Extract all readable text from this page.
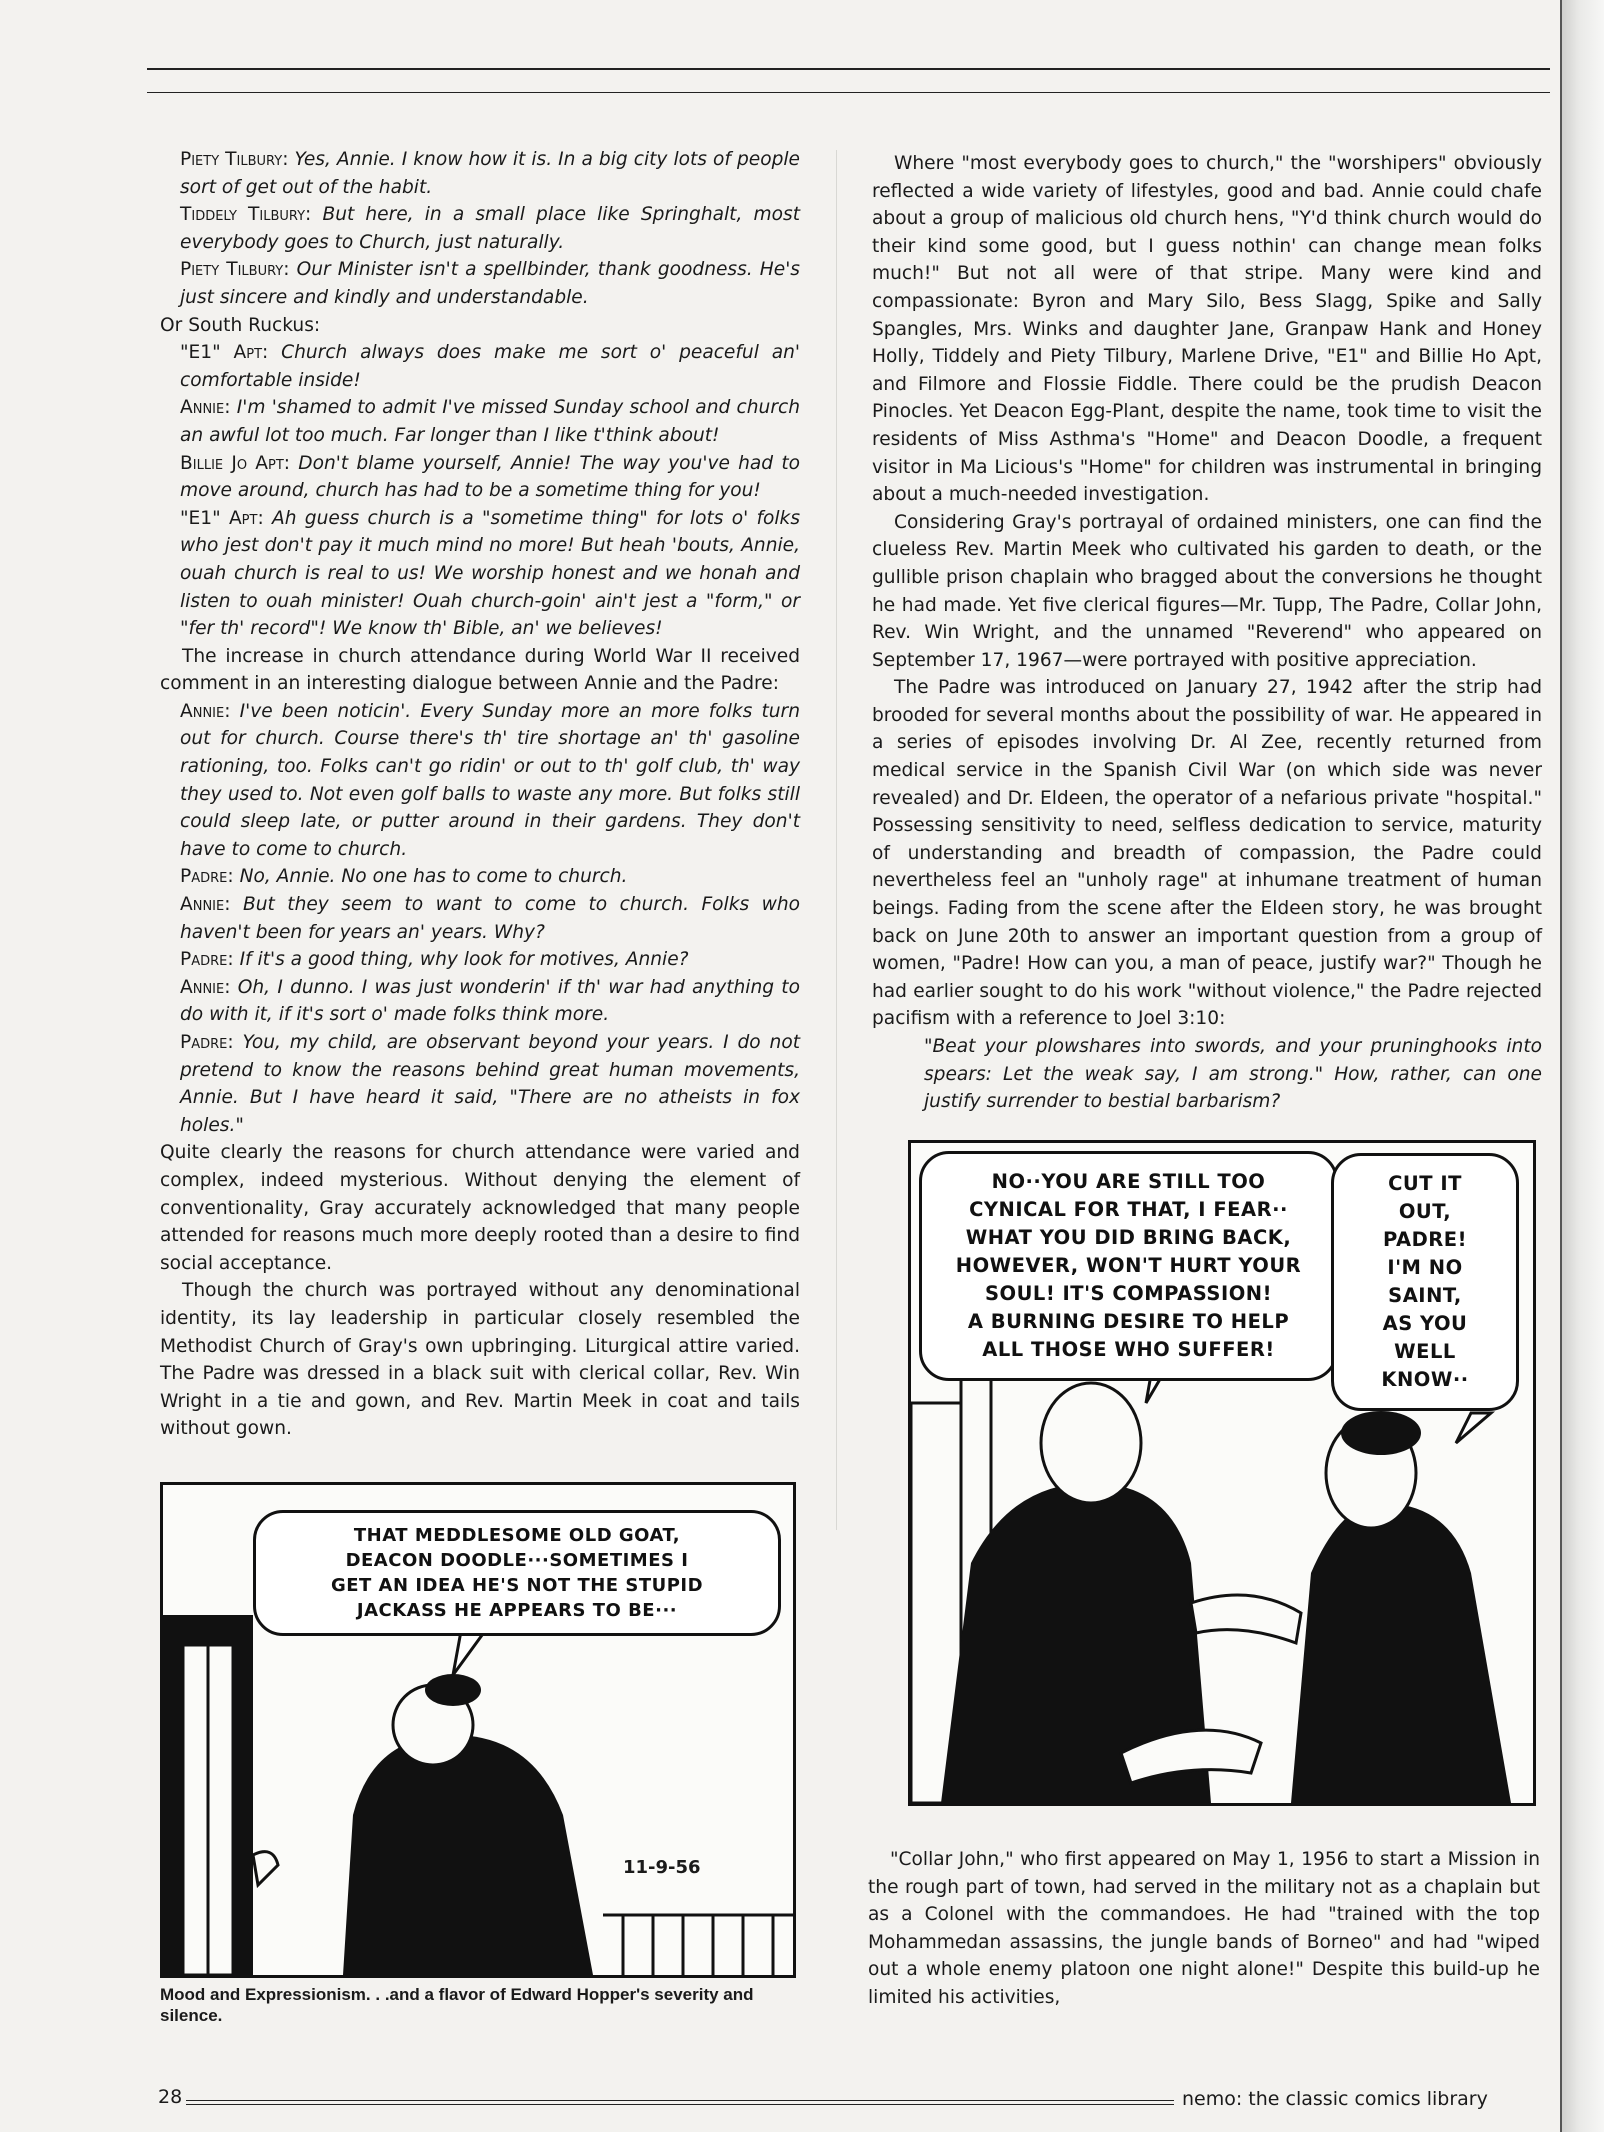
Piety Tilbury: Yes, Annie. I know how it is. In a big city lots of people sort of get out of the habit.

Tiddely Tilbury: But here, in a small place like Springhalt, most everybody goes to Church, just naturally.

Piety Tilbury: Our Minister isn't a spellbinder, thank goodness. He's just sincere and kindly and understandable.

Or South Ruckus:

"E1" Apt: Church always does make me sort o' peaceful an' comfortable inside!

Annie: I'm 'shamed to admit I've missed Sunday school and church an awful lot too much. Far longer than I like t'think about!

Billie Jo Apt: Don't blame yourself, Annie! The way you've had to move around, church has had to be a sometime thing for you!

"E1" Apt: Ah guess church is a "sometime thing" for lots o' folks who jest don't pay it much mind no more! But heah 'bouts, Annie, ouah church is real to us! We worship honest and we honah and listen to ouah minister! Ouah church-goin' ain't jest a "form," or "fer th' record"! We know th' Bible, an' we believes!

The increase in church attendance during World War II received comment in an interesting dialogue between Annie and the Padre:

Annie: I've been noticin'. Every Sunday more an more folks turn out for church. Course there's th' tire shortage an' th' gasoline rationing, too. Folks can't go ridin' or out to th' golf club, th' way they used to. Not even golf balls to waste any more. But folks still could sleep late, or putter around in their gardens. They don't have to come to church.

Padre: No, Annie. No one has to come to church.

Annie: But they seem to want to come to church. Folks who haven't been for years an' years. Why?

Padre: If it's a good thing, why look for motives, Annie?

Annie: Oh, I dunno. I was just wonderin' if th' war had anything to do with it, if it's sort o' made folks think more.

Padre: You, my child, are observant beyond your years. I do not pretend to know the reasons behind great human movements, Annie. But I have heard it said, "There are no atheists in fox holes."

Quite clearly the reasons for church attendance were varied and complex, indeed mysterious. Without denying the element of conventionality, Gray accurately acknowledged that many people attended for reasons much more deeply rooted than a desire to find social acceptance.

Though the church was portrayed without any denominational identity, its lay leadership in particular closely resembled the Methodist Church of Gray's own upbringing. Liturgical attire varied. The Padre was dressed in a black suit with clerical collar, Rev. Win Wright in a tie and gown, and Rev. Martin Meek in coat and tails without gown.

Where "most everybody goes to church," the "worshipers" obviously reflected a wide variety of lifestyles, good and bad. Annie could chafe about a group of malicious old church hens, "Y'd think church would do their kind some good, but I guess nothin' can change mean folks much!" But not all were of that stripe. Many were kind and compassionate: Byron and Mary Silo, Bess Slagg, Spike and Sally Spangles, Mrs. Winks and daughter Jane, Granpaw Hank and Honey Holly, Tiddely and Piety Tilbury, Marlene Drive, "E1" and Billie Ho Apt, and Filmore and Flossie Fiddle. There could be the prudish Deacon Pinocles. Yet Deacon Egg-Plant, despite the name, took time to visit the residents of Miss Asthma's "Home" and Deacon Doodle, a frequent visitor in Ma Licious's "Home" for children was instrumental in bringing about a much-needed investigation.

Considering Gray's portrayal of ordained ministers, one can find the clueless Rev. Martin Meek who cultivated his garden to death, or the gullible prison chaplain who bragged about the conversions he thought he had made. Yet five clerical figures—Mr. Tupp, The Padre, Collar John, Rev. Win Wright, and the unnamed "Reverend" who appeared on September 17, 1967—were portrayed with positive appreciation.

The Padre was introduced on January 27, 1942 after the strip had brooded for several months about the possibility of war. He appeared in a series of episodes involving Dr. Al Zee, recently returned from medical service in the Spanish Civil War (on which side was never revealed) and Dr. Eldeen, the operator of a nefarious private "hospital." Possessing sensitivity to need, selfless dedication to service, maturity of understanding and breadth of compassion, the Padre could nevertheless feel an "unholy rage" at inhumane treatment of human beings. Fading from the scene after the Eldeen story, he was brought back on June 20th to answer an important question from a group of women, "Padre! How can you, a man of peace, justify war?" Though he had earlier sought to do his work "without violence," the Padre rejected pacifism with a reference to Joel 3:10:

"Beat your plowshares into swords, and your pruninghooks into spears: Let the weak say, I am strong." How, rather, can one justify surrender to bestial barbarism?

THAT MEDDLESOME OLD GOAT,
DEACON DOODLE···SOMETIMES I
GET AN IDEA HE'S NOT THE STUPID
JACKASS HE APPEARS TO BE···
11-9-56
Mood and Expressionism. . .and a flavor of Edward Hopper's severity and silence.
NO··YOU ARE STILL TOO
CYNICAL FOR THAT, I FEAR··
WHAT YOU DID BRING BACK,
HOWEVER, WON'T HURT YOUR
SOUL! IT'S COMPASSION!
A BURNING DESIRE TO HELP
ALL THOSE WHO SUFFER!
CUT IT
OUT,
PADRE!
I'M NO
SAINT,
AS YOU
WELL
KNOW··

"Collar John," who first appeared on May 1, 1956 to start a Mission in the rough part of town, had served in the military not as a chaplain but as a Colonel with the commandoes. He had "trained with the top Mohammedan assassins, the jungle bands of Borneo" and had "wiped out a whole enemy platoon one night alone!" Despite this build-up he limited his activities,

28	nemo: the classic comics library
